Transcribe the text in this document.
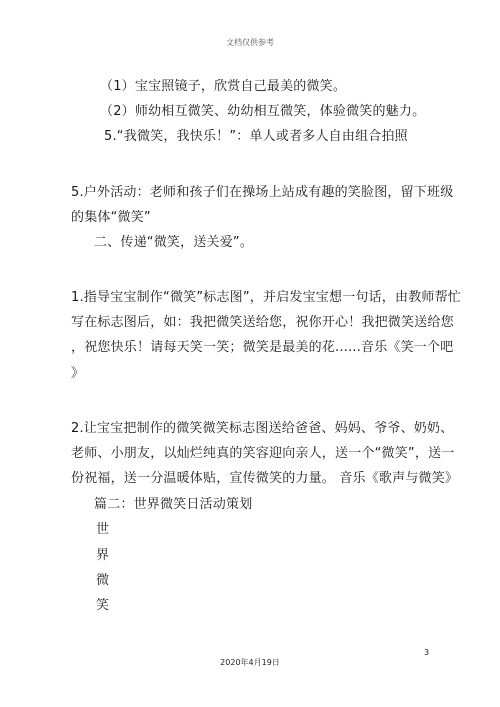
文档仅供参考
（1）宝宝照镜子，欣赏自己最美的微笑。
（2）师幼相互微笑、幼幼相互微笑，体验微笑的魅力。
5.“我微笑，我快乐！”：单人或者多人自由组合拍照
5.户外活动：老师和孩子们在操场上站成有趣的笑脸图，留下班级
的集体“微笑”
二、传递“微笑，送关爱”。
1.指导宝宝制作“微笑”标志图”，并启发宝宝想一句话，由教师帮忙
写在标志图后，如：我把微笑送给您，祝你开心！我把微笑送给您
，祝您快乐！请每天笑一笑；微笑是最美的花......音乐《笑一个吧
》
2.让宝宝把制作的微笑微笑标志图送给爸爸、妈妈、爷爷、奶奶、
老师、小朋友，以灿烂纯真的笑容迎向亲人，送一个“微笑”，送一
份祝福，送一分温暖体贴，宣传微笑的力量。 音乐《歌声与微笑》
篇二：世界微笑日活动策划
世
界
微
笑
3
2020年4月19日
